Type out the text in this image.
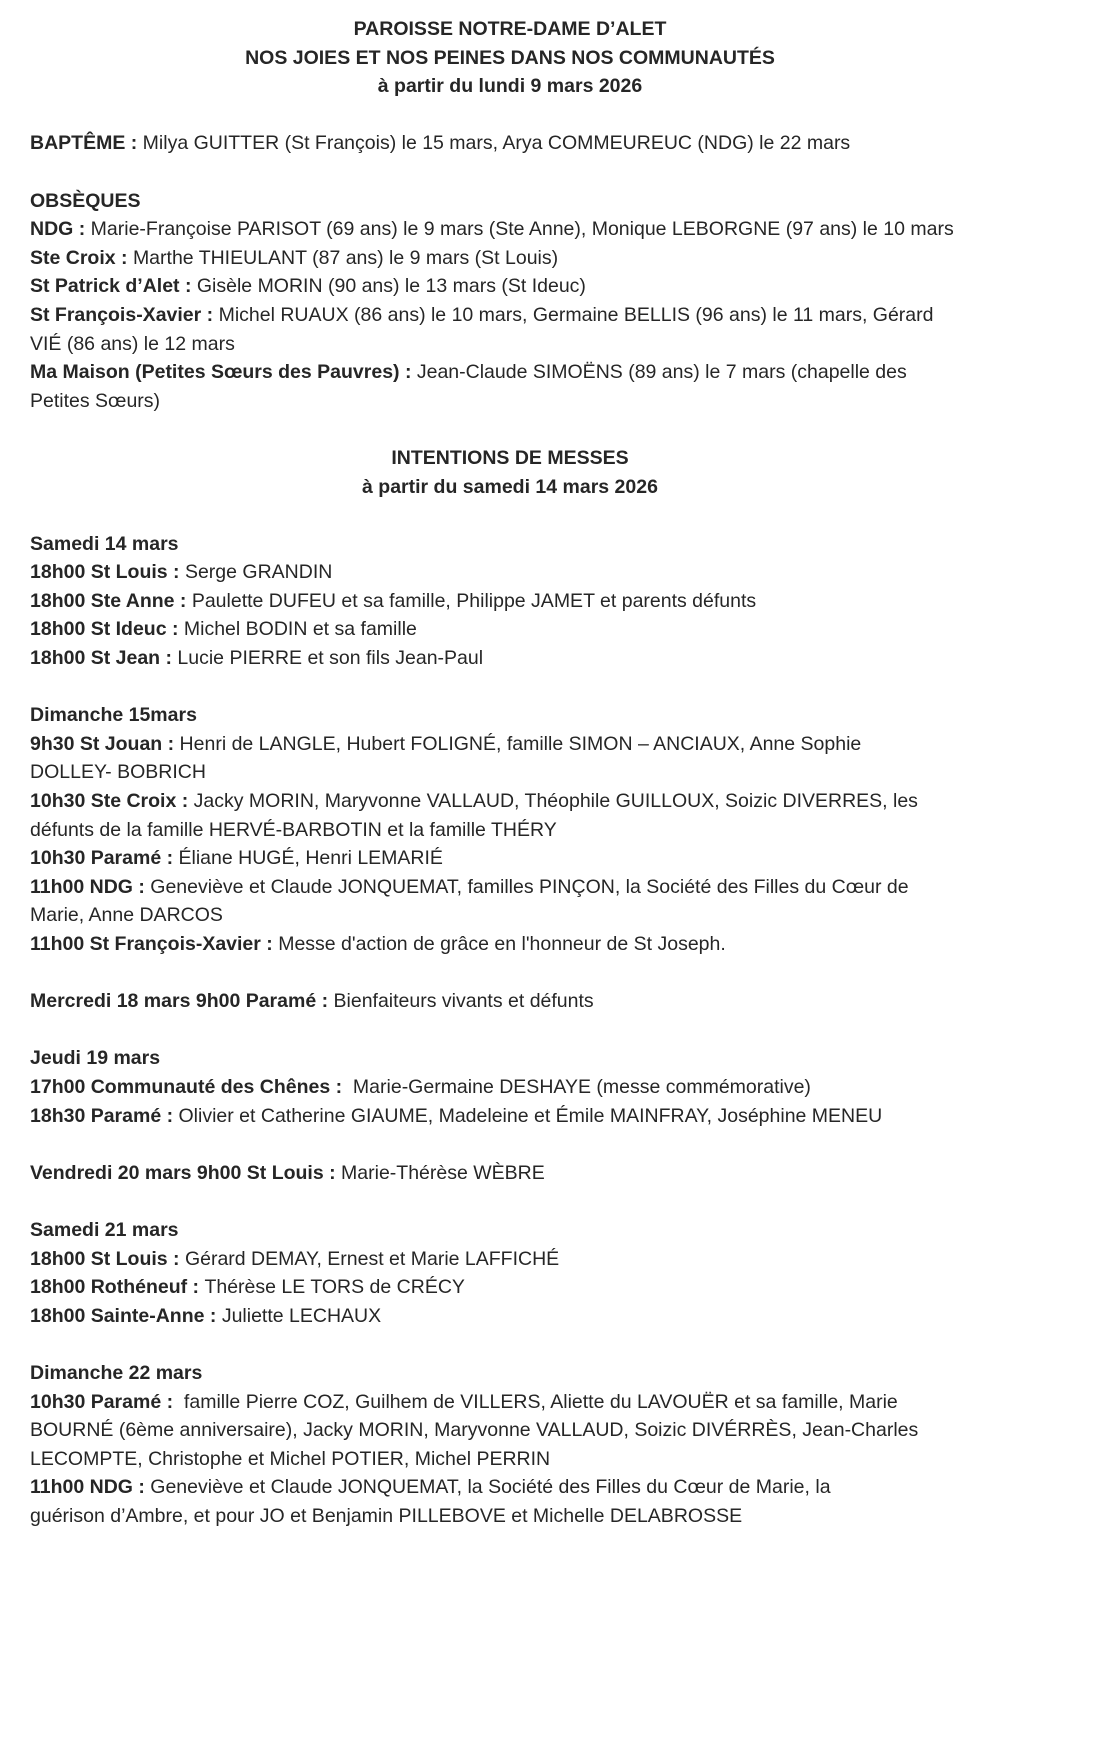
PAROISSE NOTRE-DAME D’ALET
NOS JOIES ET NOS PEINES DANS NOS COMMUNAUTÉS
à partir du lundi 9 mars 2026
BAPTÊME : Milya GUITTER (St François) le 15 mars, Arya COMMEUREUC (NDG) le 22 mars
OBSÈQUES
NDG : Marie-Françoise PARISOT (69 ans) le 9 mars (Ste Anne), Monique LEBORGNE (97 ans) le 10 mars
Ste Croix : Marthe THIEULANT (87 ans) le 9 mars (St Louis)
St Patrick d’Alet : Gisèle MORIN (90 ans) le 13 mars (St Ideuc)
St François-Xavier : Michel RUAUX (86 ans) le 10 mars, Germaine BELLIS (96 ans) le 11 mars, Gérard
VIÉ (86 ans) le 12 mars
Ma Maison (Petites Sœurs des Pauvres) : Jean-Claude SIMOËNS (89 ans) le 7 mars (chapelle des
Petites Sœurs)
INTENTIONS DE MESSES
à partir du samedi 14 mars 2026
Samedi 14 mars
18h00 St Louis : Serge GRANDIN
18h00 Ste Anne : Paulette DUFEU et sa famille, Philippe JAMET et parents défunts
18h00 St Ideuc : Michel BODIN et sa famille
18h00 St Jean : Lucie PIERRE et son fils Jean-Paul
Dimanche 15mars
9h30 St Jouan : Henri de LANGLE, Hubert FOLIGNÉ, famille SIMON – ANCIAUX, Anne Sophie
DOLLEY- BOBRICH
10h30 Ste Croix : Jacky MORIN, Maryvonne VALLAUD, Théophile GUILLOUX, Soizic DIVERRES, les
défunts de la famille HERVÉ-BARBOTIN et la famille THÉRY
10h30 Paramé : Éliane HUGÉ, Henri LEMARIÉ
11h00 NDG : Geneviève et Claude JONQUEMAT, familles PINÇON, la Société des Filles du Cœur de
Marie, Anne DARCOS
11h00 St François-Xavier : Messe d'action de grâce en l'honneur de St Joseph.
Mercredi 18 mars 9h00 Paramé : Bienfaiteurs vivants et défunts
Jeudi 19 mars
17h00 Communauté des Chênes :  Marie-Germaine DESHAYE (messe commémorative)
18h30 Paramé : Olivier et Catherine GIAUME, Madeleine et Émile MAINFRAY, Joséphine MENEU
Vendredi 20 mars 9h00 St Louis : Marie-Thérèse WÈBRE
Samedi 21 mars
18h00 St Louis : Gérard DEMAY, Ernest et Marie LAFFICHÉ
18h00 Rothéneuf : Thérèse LE TORS de CRÉCY
18h00 Sainte-Anne : Juliette LECHAUX
Dimanche 22 mars
10h30 Paramé :  famille Pierre COZ, Guilhem de VILLERS, Aliette du LAVOUËR et sa famille, Marie
BOURNÉ (6ème anniversaire), Jacky MORIN, Maryvonne VALLAUD, Soizic DIVÉRRÈS, Jean-Charles
LECOMPTE, Christophe et Michel POTIER, Michel PERRIN
11h00 NDG : Geneviève et Claude JONQUEMAT, la Société des Filles du Cœur de Marie, la
guérison d’Ambre, et pour JO et Benjamin PILLEBOVE et Michelle DELABROSSE
